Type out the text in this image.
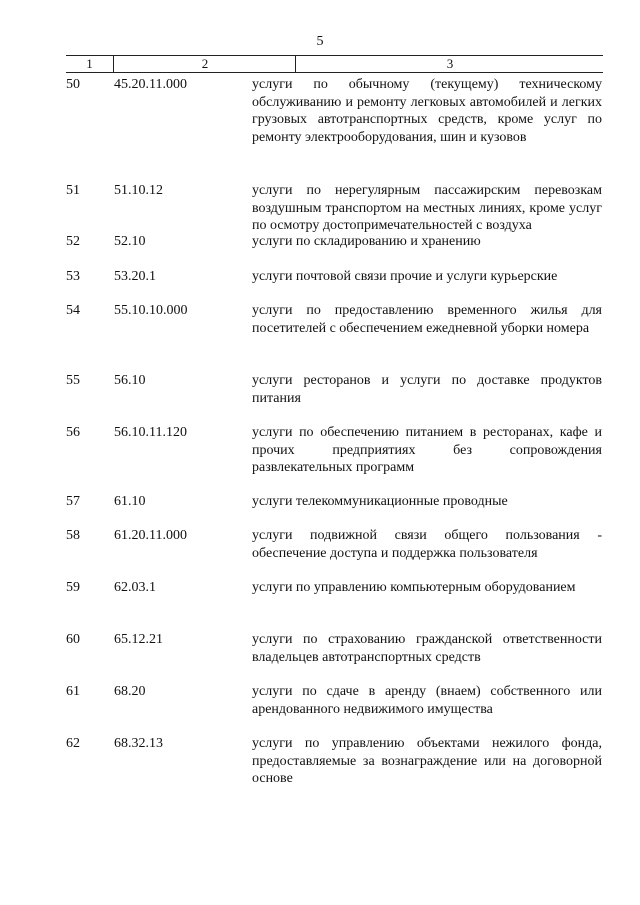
5
1	2	3
50	45.20.11.000	услуги по обычному (текущему) техническому обслуживанию и ремонту легковых автомобилей и легких грузовых автотранспортных средств, кроме услуг по ремонту электрооборудования, шин и кузовов
51	51.10.12	услуги по нерегулярным пассажирским перевозкам воздушным транспортом на местных линиях, кроме услуг по осмотру достопримечательностей с воздуха
52	52.10	услуги по складированию и хранению
53	53.20.1	услуги почтовой связи прочие и услуги курьерские
54	55.10.10.000	услуги по предоставлению временного жилья для посетителей с обеспечением ежедневной уборки номера
55	56.10	услуги ресторанов и услуги по доставке продуктов питания
56	56.10.11.120	услуги по обеспечению питанием в ресторанах, кафе и прочих предприятиях без сопровождения развлекательных программ
57	61.10	услуги телекоммуникационные проводные
58	61.20.11.000	услуги подвижной связи общего пользования - обеспечение доступа и поддержка пользователя
59	62.03.1	услуги по управлению компьютерным оборудованием
60	65.12.21	услуги по страхованию гражданской ответственности владельцев автотранспортных средств
61	68.20	услуги по сдаче в аренду (внаем) собственного или арендованного недвижимого имущества
62	68.32.13	услуги по управлению объектами нежилого фонда, предоставляемые за вознаграждение или на договорной основе
